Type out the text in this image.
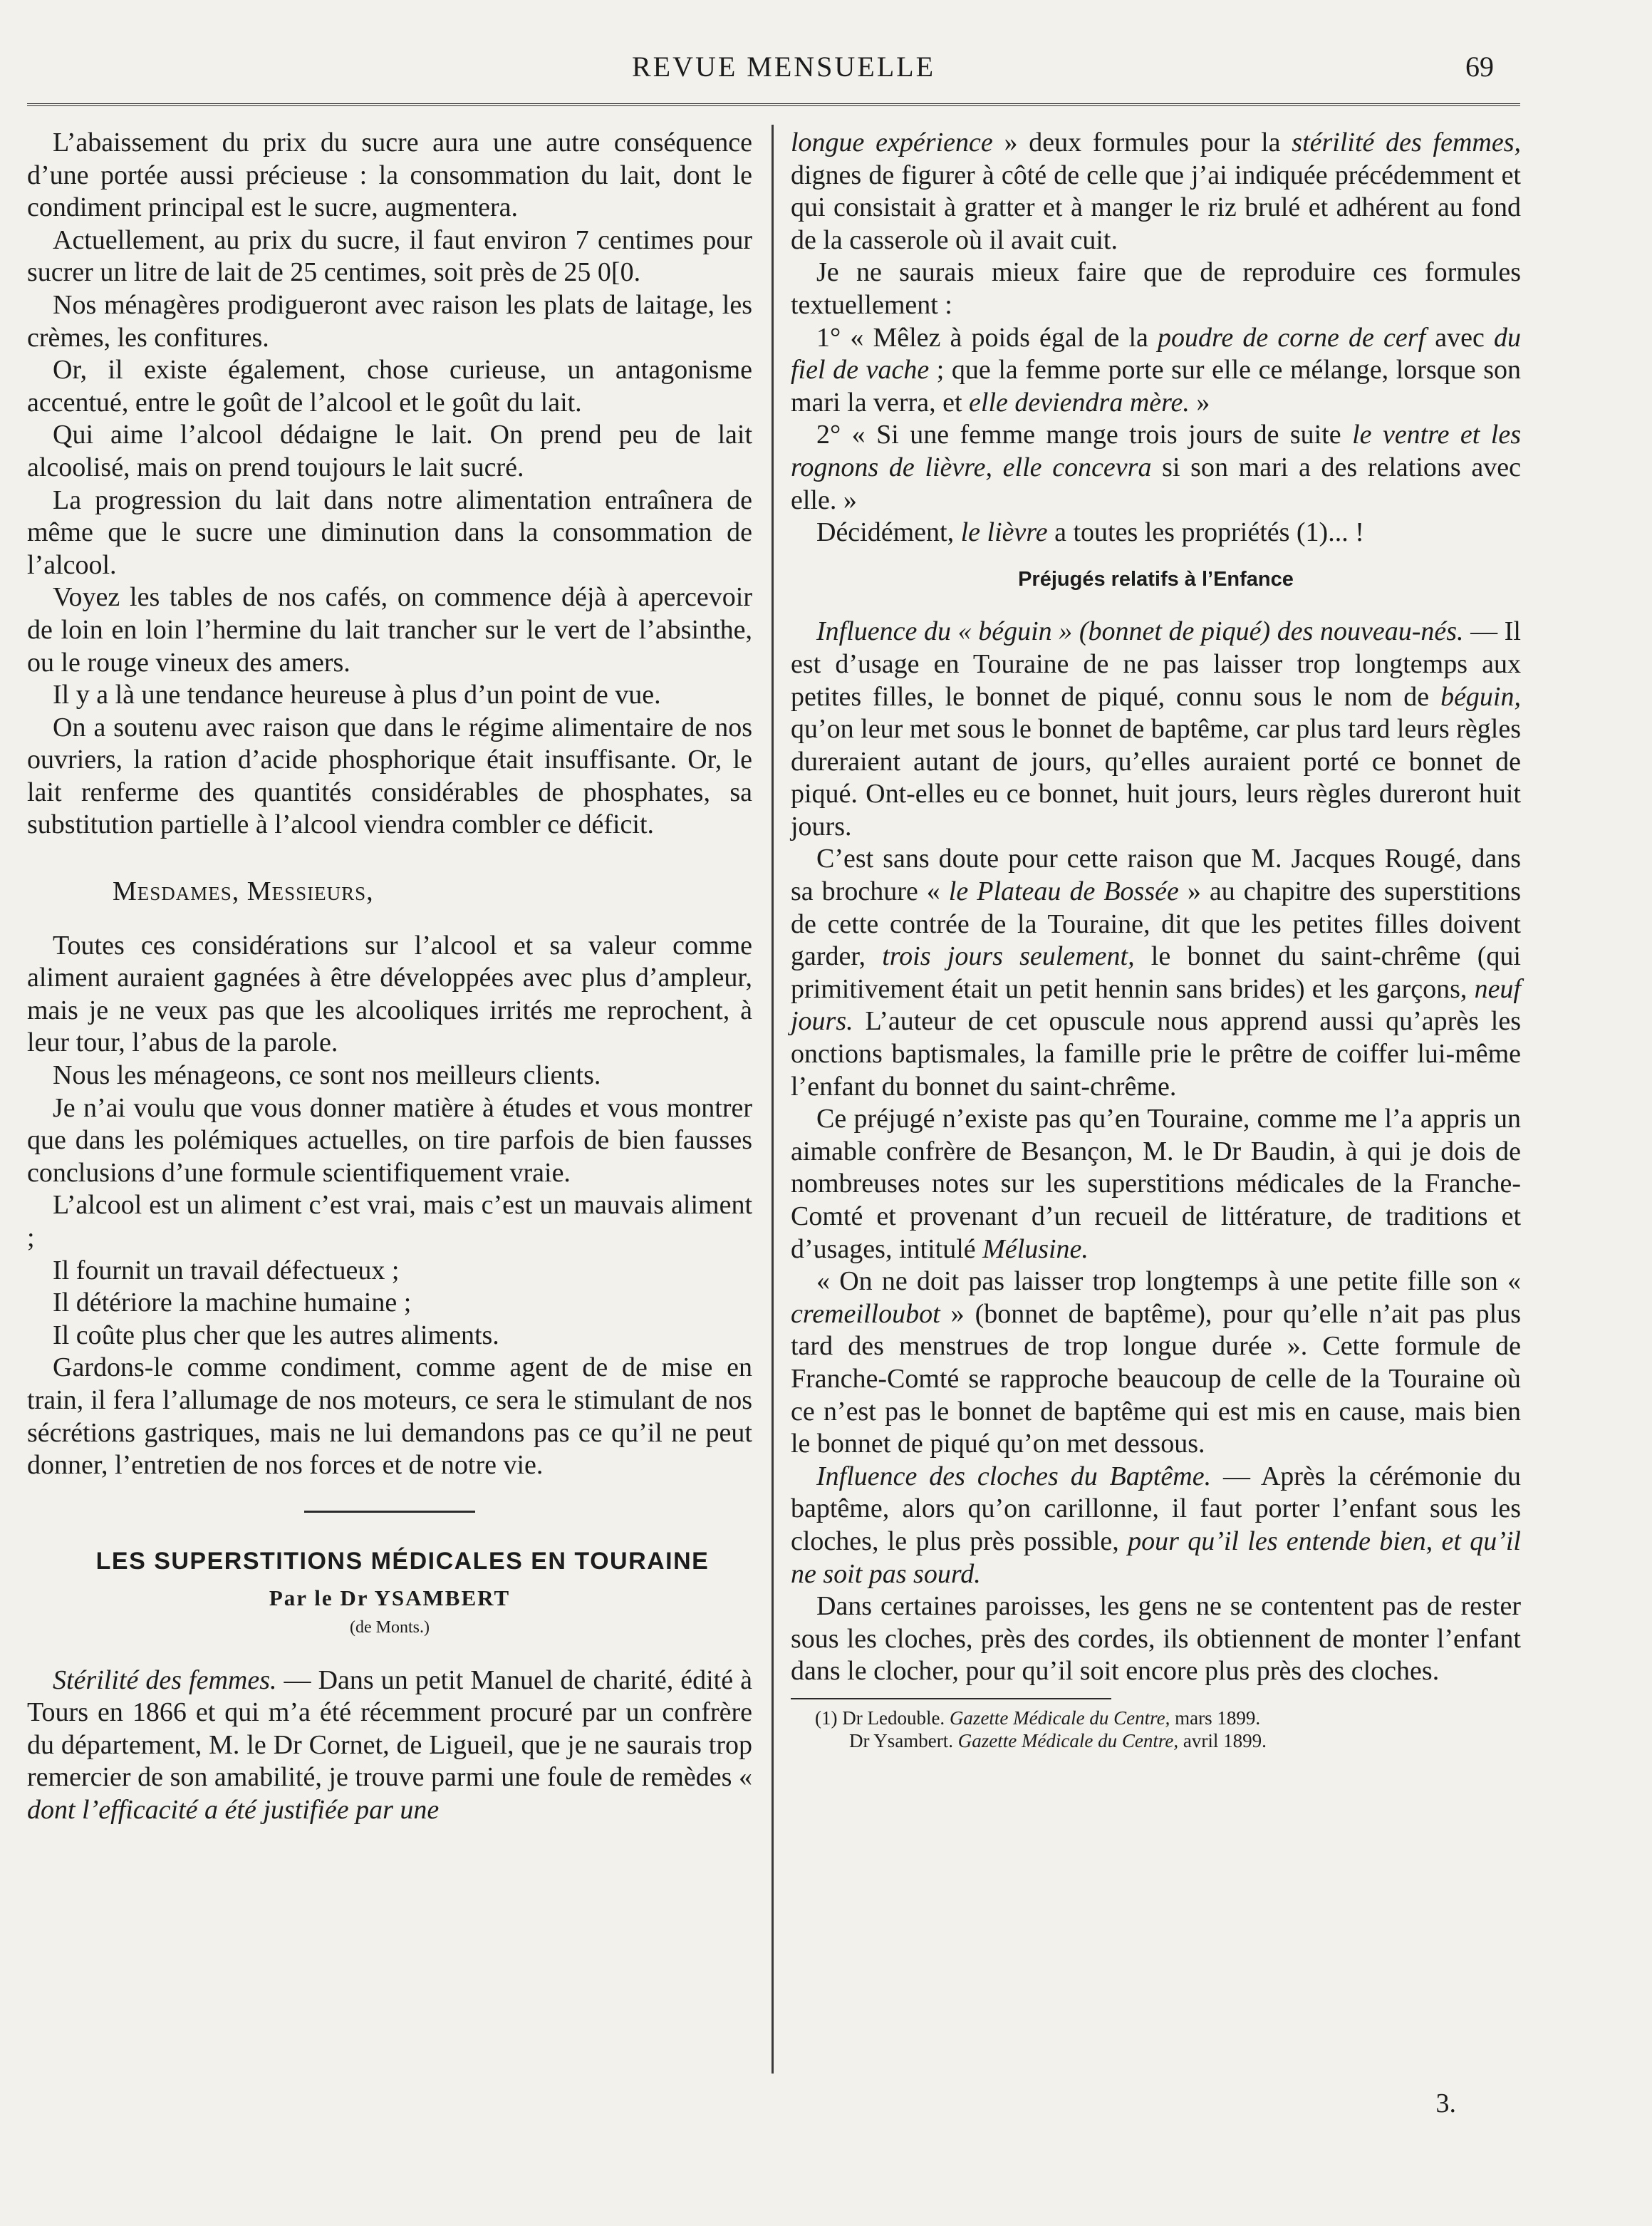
REVUE MENSUELLE	69

L’abaissement du prix du sucre aura une autre conséquence d’une portée aussi précieuse : la consommation du lait, dont le condiment principal est le sucre, augmentera.

Actuellement, au prix du sucre, il faut environ 7 centimes pour sucrer un litre de lait de 25 centimes, soit près de 25 0[0.

Nos ménagères prodigueront avec raison les plats de laitage, les crèmes, les confitures.

Or, il existe également, chose curieuse, un antagonisme accentué, entre le goût de l’alcool et le goût du lait.

Qui aime l’alcool dédaigne le lait. On prend peu de lait alcoolisé, mais on prend toujours le lait sucré.

La progression du lait dans notre alimentation entraînera de même que le sucre une diminution dans la consommation de l’alcool.

Voyez les tables de nos cafés, on commence déjà à apercevoir de loin en loin l’hermine du lait trancher sur le vert de l’absinthe, ou le rouge vineux des amers.

Il y a là une tendance heureuse à plus d’un point de vue.

On a soutenu avec raison que dans le régime alimentaire de nos ouvriers, la ration d’acide phosphorique était insuffisante. Or, le lait renferme des quantités considérables de phosphates, sa substitution partielle à l’alcool viendra combler ce déficit.

Mesdames, Messieurs,

Toutes ces considérations sur l’alcool et sa valeur comme aliment auraient gagnées à être développées avec plus d’ampleur, mais je ne veux pas que les alcooliques irrités me reprochent, à leur tour, l’abus de la parole.

Nous les ménageons, ce sont nos meilleurs clients.

Je n’ai voulu que vous donner matière à études et vous montrer que dans les polémiques actuelles, on tire parfois de bien fausses conclusions d’une formule scientifiquement vraie.

L’alcool est un aliment c’est vrai, mais c’est un mauvais aliment ;

Il fournit un travail défectueux ;

Il détériore la machine humaine ;

Il coûte plus cher que les autres aliments.

Gardons-le comme condiment, comme agent de de mise en train, il fera l’allumage de nos moteurs, ce sera le stimulant de nos sécrétions gastriques, mais ne lui demandons pas ce qu’il ne peut donner, l’entretien de nos forces et de notre vie.

LES SUPERSTITIONS MÉDICALES EN TOURAINE

Par le Dr YSAMBERT
(de Monts.)

Stérilité des femmes. — Dans un petit Manuel de charité, édité à Tours en 1866 et qui m’a été récemment procuré par un confrère du département, M. le Dr Cornet, de Ligueil, que je ne saurais trop remercier de son amabilité, je trouve parmi une foule de remèdes « dont l’efficacité a été justifiée par une

longue expérience » deux formules pour la stérilité des femmes, dignes de figurer à côté de celle que j’ai indiquée précédemment et qui consistait à gratter et à manger le riz brulé et adhérent au fond de la casserole où il avait cuit.

Je ne saurais mieux faire que de reproduire ces formules textuellement :

1° « Mêlez à poids égal de la poudre de corne de cerf avec du fiel de vache ; que la femme porte sur elle ce mélange, lorsque son mari la verra, et elle deviendra mère. »

2° « Si une femme mange trois jours de suite le ventre et les rognons de lièvre, elle concevra si son mari a des relations avec elle. »

Décidément, le lièvre a toutes les propriétés (1)... !

Préjugés relatifs à l’Enfance

Influence du « béguin » (bonnet de piqué) des nouveau-nés. — Il est d’usage en Touraine de ne pas laisser trop longtemps aux petites filles, le bonnet de piqué, connu sous le nom de béguin, qu’on leur met sous le bonnet de baptême, car plus tard leurs règles dureraient autant de jours, qu’elles auraient porté ce bonnet de piqué. Ont-elles eu ce bonnet, huit jours, leurs règles dureront huit jours.

C’est sans doute pour cette raison que M. Jacques Rougé, dans sa brochure « le Plateau de Bossée » au chapitre des superstitions de cette contrée de la Touraine, dit que les petites filles doivent garder, trois jours seulement, le bonnet du saint-chrême (qui primitivement était un petit hennin sans brides) et les garçons, neuf jours. L’auteur de cet opuscule nous apprend aussi qu’après les onctions baptismales, la famille prie le prêtre de coiffer lui-même l’enfant du bonnet du saint-chrême.

Ce préjugé n’existe pas qu’en Touraine, comme me l’a appris un aimable confrère de Besançon, M. le Dr Baudin, à qui je dois de nombreuses notes sur les superstitions médicales de la Franche-Comté et provenant d’un recueil de littérature, de traditions et d’usages, intitulé Mélusine.

« On ne doit pas laisser trop longtemps à une petite fille son « cremeilloubot » (bonnet de baptême), pour qu’elle n’ait pas plus tard des menstrues de trop longue durée ». Cette formule de Franche-Comté se rapproche beaucoup de celle de la Touraine où ce n’est pas le bonnet de baptême qui est mis en cause, mais bien le bonnet de piqué qu’on met dessous.

Influence des cloches du Baptême. — Après la cérémonie du baptême, alors qu’on carillonne, il faut porter l’enfant sous les cloches, le plus près possible, pour qu’il les entende bien, et qu’il ne soit pas sourd.

Dans certaines paroisses, les gens ne se contentent pas de rester sous les cloches, près des cordes, ils obtiennent de monter l’enfant dans le clocher, pour qu’il soit encore plus près des cloches.

(1) Dr Ledouble. Gazette Médicale du Centre, mars 1899.
Dr Ysambert. Gazette Médicale du Centre, avril 1899.
3.
